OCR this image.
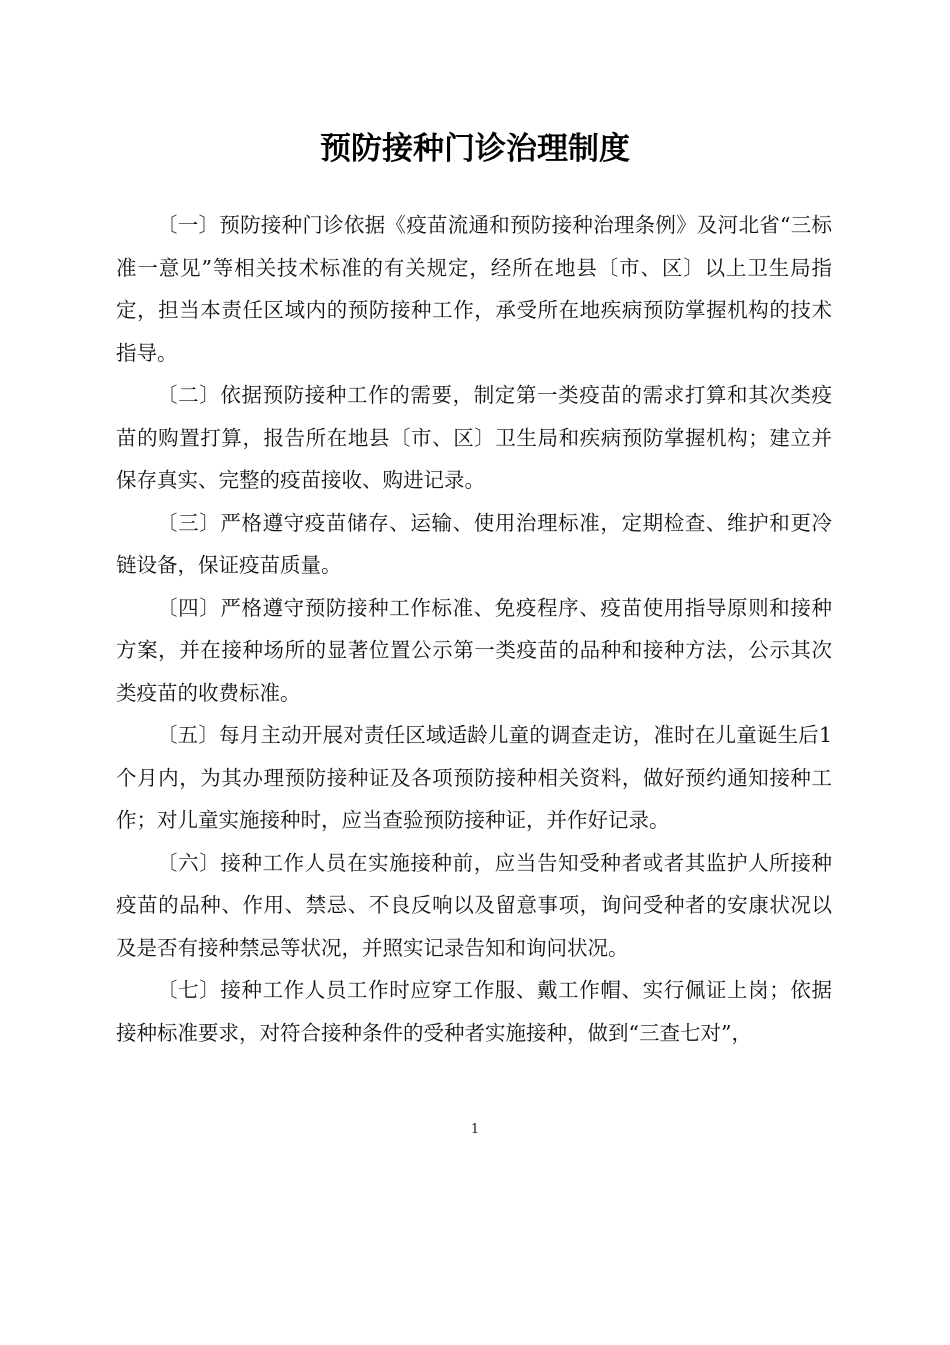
预防接种门诊治理制度

〔一〕预防接种门诊依据《疫苗流通和预防接种治理条例》及河北省“三标准一意见”等相关技术标准的有关规定，经所在地县〔市、区〕以上卫生局指定，担当本责任区域内的预防接种工作，承受所在地疾病预防掌握机构的技术指导。

〔二〕依据预防接种工作的需要，制定第一类疫苗的需求打算和其次类疫苗的购置打算，报告所在地县〔市、区〕卫生局和疾病预防掌握机构；建立并保存真实、完整的疫苗接收、购进记录。

〔三〕严格遵守疫苗储存、运输、使用治理标准，定期检查、维护和更冷链设备，保证疫苗质量。

〔四〕严格遵守预防接种工作标准、免疫程序、疫苗使用指导原则和接种方案，并在接种场所的显著位置公示第一类疫苗的品种和接种方法，公示其次类疫苗的收费标准。

〔五〕每月主动开展对责任区域适龄儿童的调查走访，准时在儿童诞生后1个月内，为其办理预防接种证及各项预防接种相关资料，做好预约通知接种工作；对儿童实施接种时，应当查验预防接种证，并作好记录。

〔六〕接种工作人员在实施接种前，应当告知受种者或者其监护人所接种疫苗的品种、作用、禁忌、不良反响以及留意事项，询问受种者的安康状况以及是否有接种禁忌等状况，并照实记录告知和询问状况。

〔七〕接种工作人员工作时应穿工作服、戴工作帽、实行佩证上岗；依据接种标准要求，对符合接种条件的受种者实施接种，做到“三查七对”，

1
